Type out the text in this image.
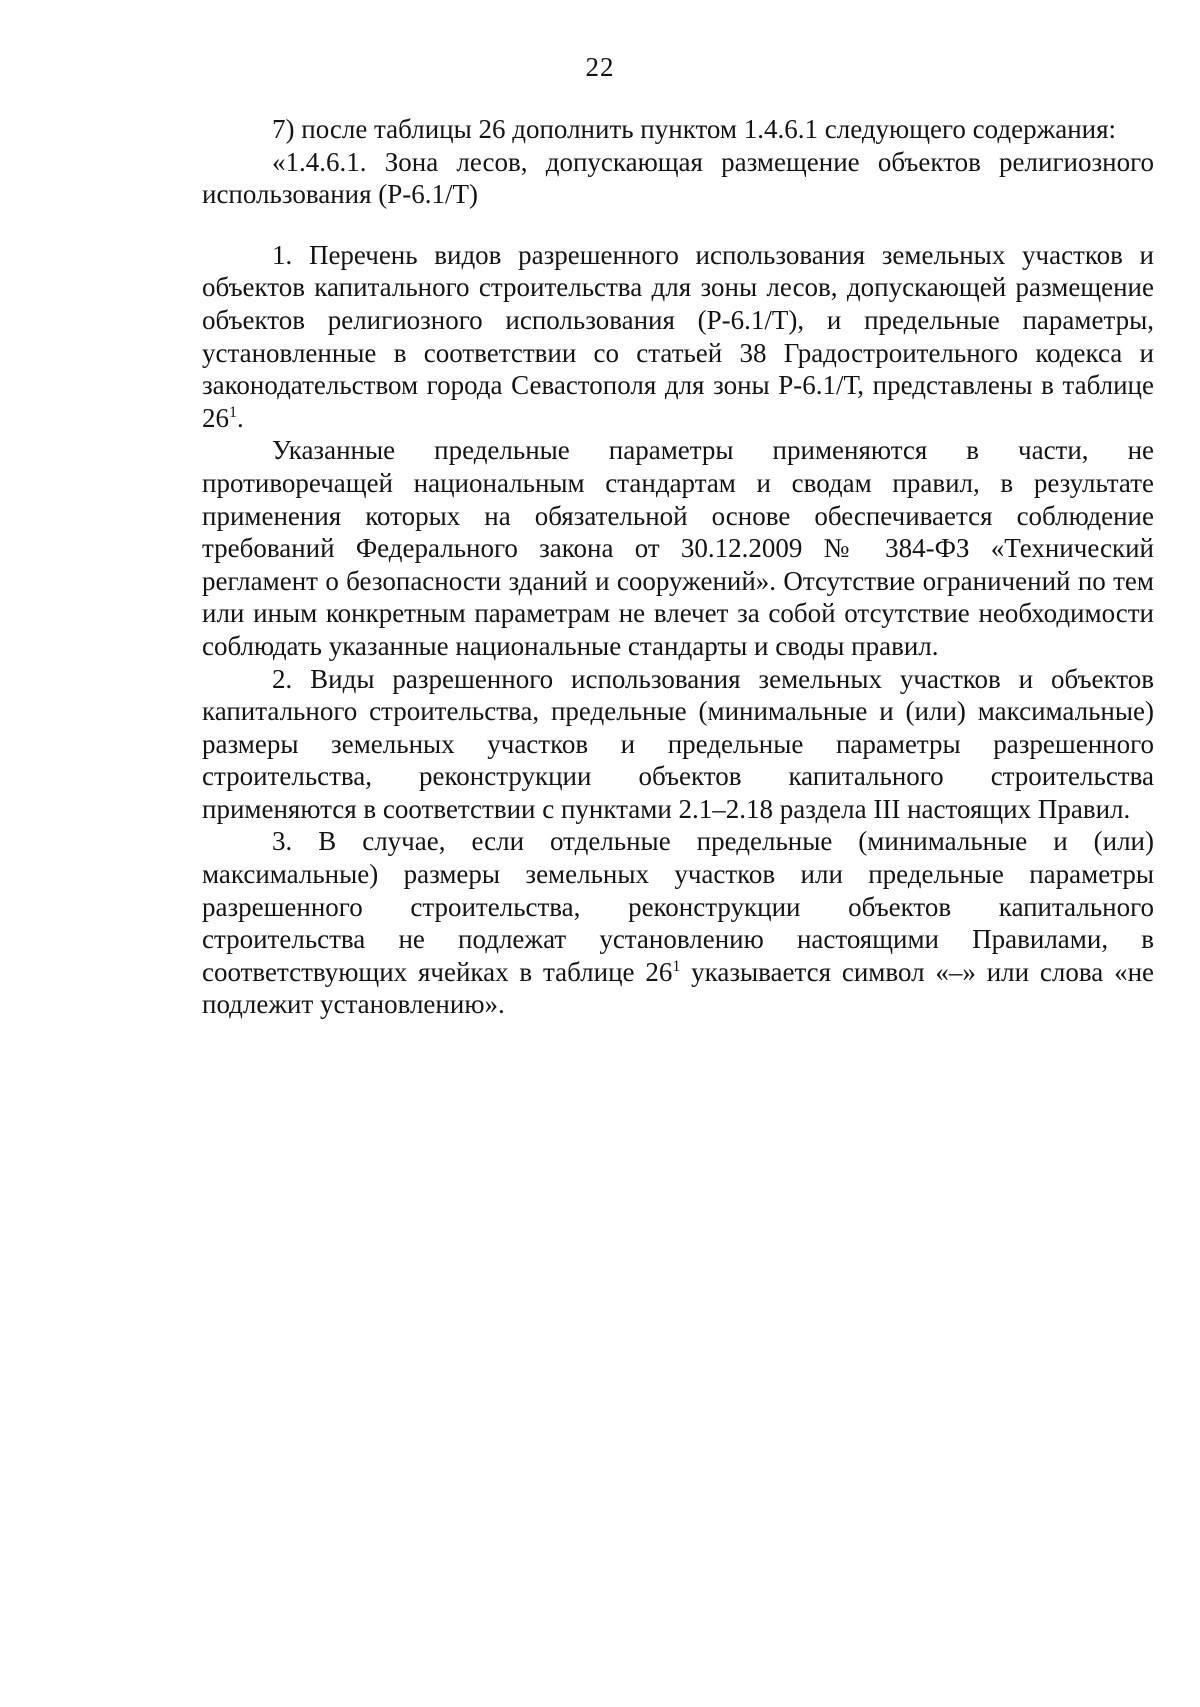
22

7) после таблицы 26 дополнить пунктом 1.4.6.1 следующего содержания:

«1.4.6.1. Зона лесов, допускающая размещение объектов религиозного использования (Р-6.1/Т)

1. Перечень видов разрешенного использования земельных участков и объектов капитального строительства для зоны лесов, допускающей размещение объектов религиозного использования (Р-6.1/Т), и предельные параметры, установленные в соответствии со статьей 38 Градостроительного кодекса и законодательством города Севастополя для зоны Р-6.1/Т, представлены в таблице $26^1$.

Указанные предельные параметры применяются в части, не противоречащей национальным стандартам и сводам правил, в результате применения которых на обязательной основе обеспечивается соблюдение требований Федерального закона от 30.12.2009 № 384-ФЗ «Технический регламент о безопасности зданий и сооружений». Отсутствие ограничений по тем или иным конкретным параметрам не влечет за собой отсутствие необходимости соблюдать указанные национальные стандарты и своды правил.

2. Виды разрешенного использования земельных участков и объектов капитального строительства, предельные (минимальные и (или) максимальные) размеры земельных участков и предельные параметры разрешенного строительства, реконструкции объектов капитального строительства применяются в соответствии с пунктами 2.1–2.18 раздела III настоящих Правил.

3. В случае, если отдельные предельные (минимальные и (или) максимальные) размеры земельных участков или предельные параметры разрешенного строительства, реконструкции объектов капитального строительства не подлежат установлению настоящими Правилами, в соответствующих ячейках в таблице $26^1$ указывается символ «–» или слова «не подлежит установлению».
